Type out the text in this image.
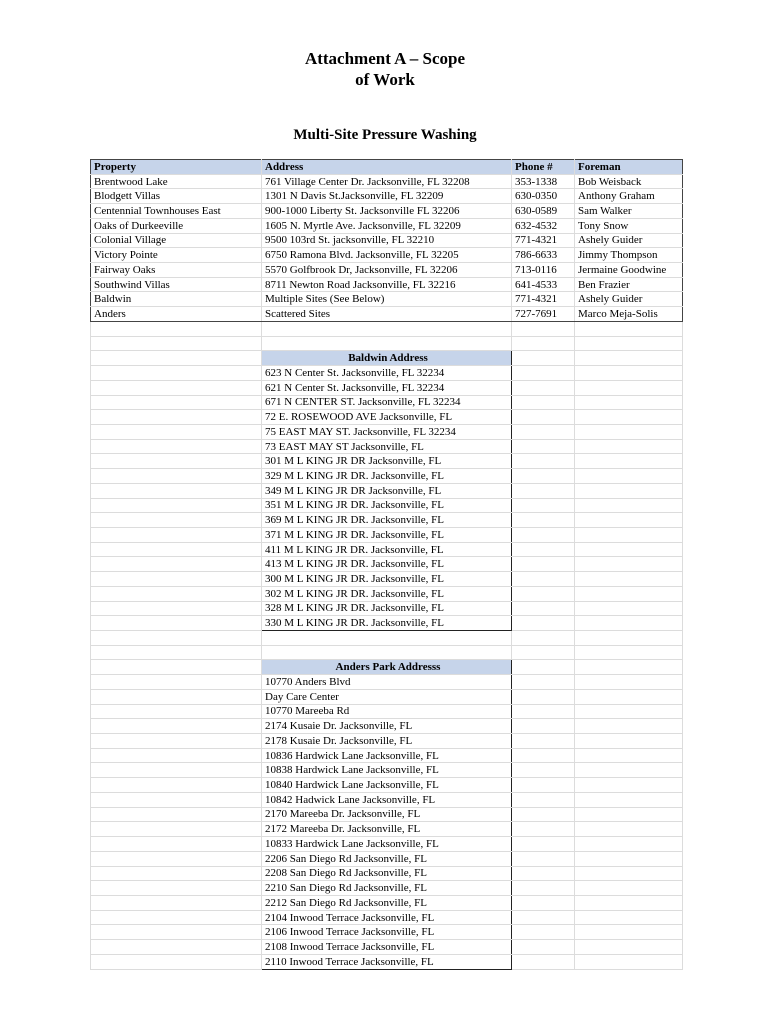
Attachment A – Scope
of Work
Multi-Site Pressure Washing
Property	Address	Phone #	Foreman
Brentwood Lake	761 Village Center Dr. Jacksonville, FL 32208	353-1338	Bob Weisback
Blodgett Villas	1301 N Davis St.Jacksonville, FL 32209	630-0350	Anthony Graham
Centennial Townhouses East	900-1000 Liberty St. Jacksonville FL 32206	630-0589	Sam Walker
Oaks of Durkeeville	1605 N. Myrtle Ave. Jacksonville, FL 32209	632-4532	Tony Snow
Colonial Village	9500 103rd St. jacksonville, FL 32210	771-4321	Ashely Guider
Victory Pointe	6750 Ramona Blvd. Jacksonville, FL 32205	786-6633	Jimmy Thompson
Fairway Oaks	5570 Golfbrook Dr, Jacksonville, FL 32206	713-0116	Jermaine Goodwine
Southwind Villas	8711 Newton Road Jacksonville, FL 32216	641-4533	Ben Frazier
Baldwin	Multiple Sites (See Below)	771-4321	Ashely Guider
Anders	Scattered Sites	727-7691	Marco Meja-Solis

	Baldwin Address		
	623 N Center St. Jacksonville, FL 32234		
	621 N Center St. Jacksonville, FL 32234		
	671 N CENTER ST. Jacksonville, FL 32234		
	72 E. ROSEWOOD AVE Jacksonville, FL		
	75 EAST MAY ST. Jacksonville, FL 32234		
	73 EAST MAY ST Jacksonville, FL		
	301 M L KING JR DR Jacksonville, FL		
	329 M L KING JR DR. Jacksonville, FL		
	349 M L KING JR DR Jacksonville, FL		
	351 M L KING JR DR. Jacksonville, FL		
	369 M L KING JR DR. Jacksonville, FL		
	371 M L KING JR DR. Jacksonville, FL		
	411 M L KING JR DR. Jacksonville, FL		
	413 M L KING JR DR. Jacksonville, FL		
	300 M L KING JR DR. Jacksonville, FL		
	302 M L KING JR DR. Jacksonville, FL		
	328 M L KING JR DR. Jacksonville, FL		
	330 M L KING JR DR. Jacksonville, FL		

	Anders Park Addresss		
	10770 Anders Blvd		
	Day Care Center		
	10770 Mareeba Rd		
	2174 Kusaie Dr. Jacksonville, FL		
	2178 Kusaie Dr. Jacksonville, FL		
	10836 Hardwick Lane Jacksonville, FL		
	10838 Hardwick Lane Jacksonville, FL		
	10840 Hardwick Lane Jacksonville, FL		
	10842 Hadwick Lane Jacksonville, FL		
	2170 Mareeba Dr. Jacksonville, FL		
	2172 Mareeba Dr. Jacksonville, FL		
	10833 Hardwick Lane Jacksonville, FL		
	2206 San Diego Rd Jacksonville, FL		
	2208 San Diego Rd Jacksonville, FL		
	2210 San Diego Rd Jacksonville, FL		
	2212 San Diego Rd Jacksonville, FL		
	2104 Inwood Terrace Jacksonville, FL		
	2106 Inwood Terrace Jacksonville, FL		
	2108 Inwood Terrace Jacksonville, FL		
	2110 Inwood Terrace Jacksonville, FL		
